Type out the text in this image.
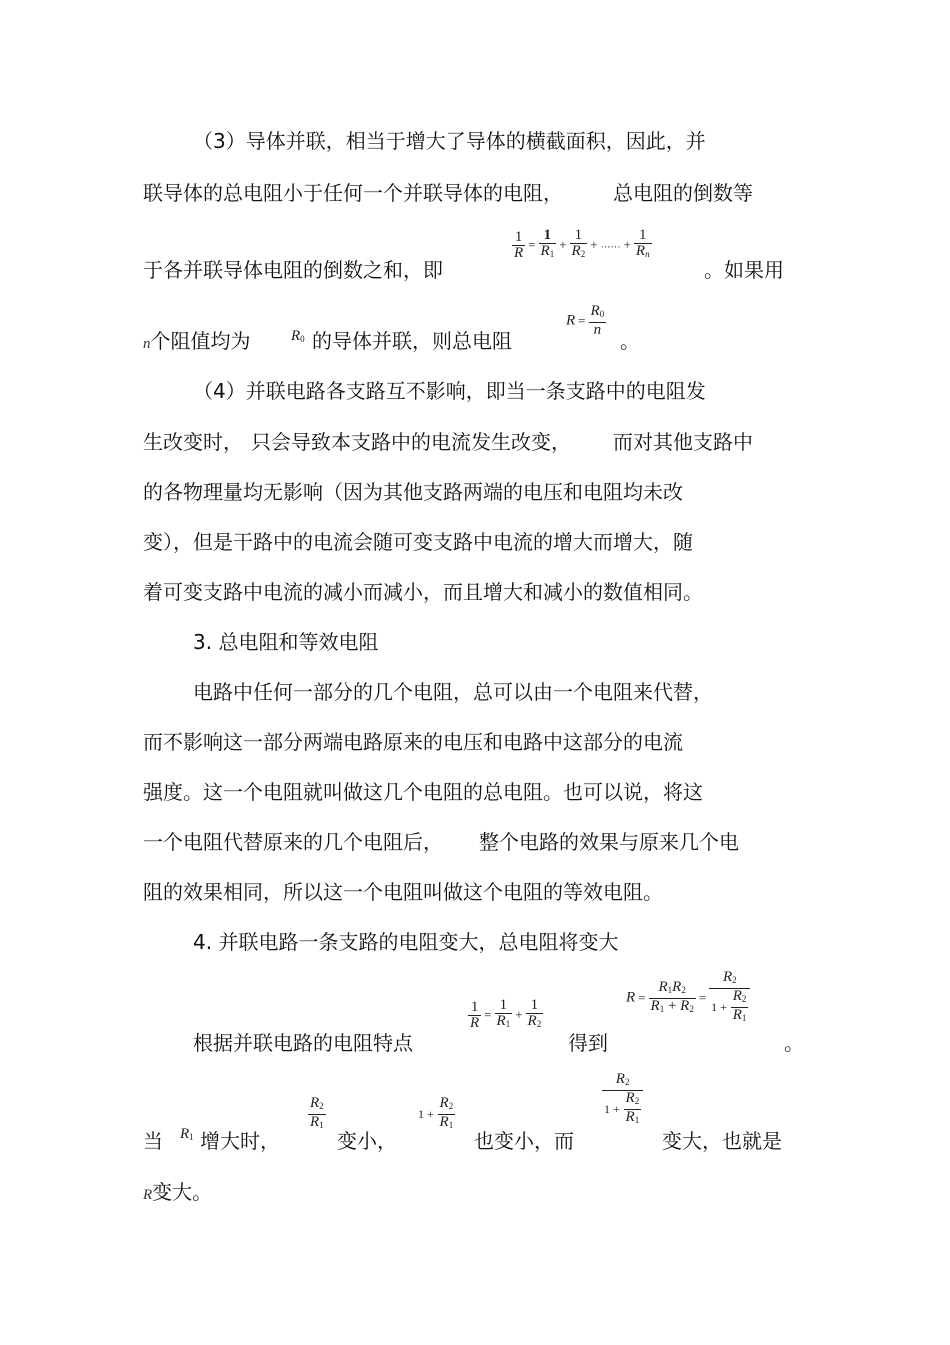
（3）导体并联，相当于增大了导体的横截面积，因此，并
联导体的总电阻小于任何一个并联导体的电阻，	总电阻的倒数等
于各并联导体电阻的倒数之和，即
$\frac{1}{R} = \frac{1}{R_1} + \frac{1}{R_2}$ + …… + $\frac{1}{R_n}$
。如果用
n个阻值均为	$R_0$ 的导体并联，则总电阻
$R = \frac{R_0}{n}$
。
（4）并联电路各支路互不影响，即当一条支路中的电阻发
生改变时， 只会导致本支路中的电流发生改变， 而对其他支路中
的各物理量均无影响（因为其他支路两端的电压和电阻均未改
变），但是干路中的电流会随可变支路中电流的增大而增大，随
着可变支路中电流的减小而减小，而且增大和减小的数值相同。
3. 总电阻和等效电阻
电路中任何一部分的几个电阻，总可以由一个电阻来代替，
而不影响这一部分两端电路原来的电压和电路中这部分的电流
强度。这一个电阻就叫做这几个电阻的总电阻。也可以说，将这
一个电阻代替原来的几个电阻后， 整个电路的效果与原来几个电
阻的效果相同，所以这一个电阻叫做这个电阻的等效电阻。
4. 并联电路一条支路的电阻变大，总电阻将变大
根据并联电路的电阻特点
$\frac{1}{R} = \frac{1}{R_1} + \frac{1}{R_2}$
得到
$R = \frac{R_1R_2}{R_1 + R_2} = \frac{R_2}{1 + \frac{R_2}{R_1}}$
。
当 $R_1$ 增大时，
$\frac{R_2}{R_1}$
变小，
$1 + \frac{R_2}{R_1}$
也变小，而
$\frac{R_2}{1 + \frac{R_2}{R_1}}$
变大，也就是
R变大。
